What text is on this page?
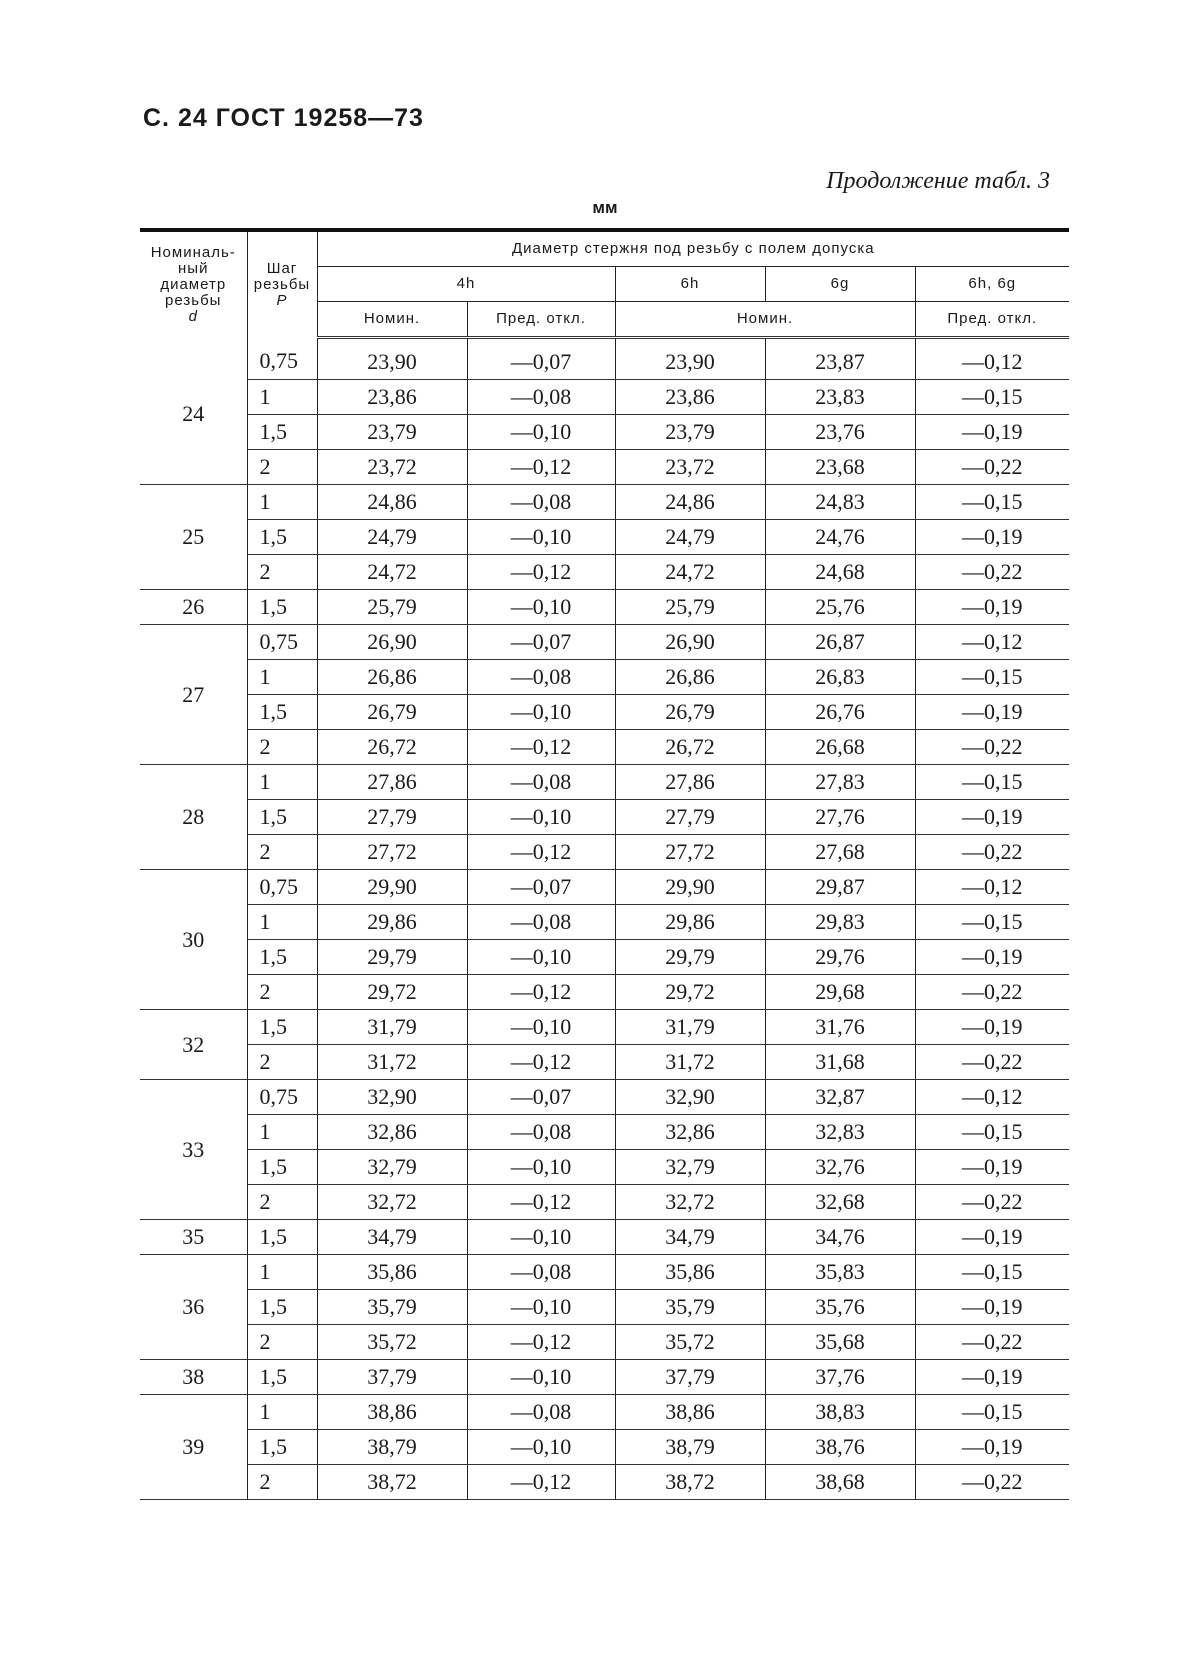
С. 24 ГОСТ 19258—73
Продолжение табл. 3
мм
Номиналь-
ный
диаметр
резьбы
d	Шаг
резьбы
P	Диаметр стержня под резьбу с полем допуска				
		4h		6h	6g	6h, 6g
		Номин.	Пред. откл.	Номин.		Пред. откл.
24	0,75	23,90	—0,07	23,90	23,87	—0,12
	1	23,86	—0,08	23,86	23,83	—0,15
	1,5	23,79	—0,10	23,79	23,76	—0,19
	2	23,72	—0,12	23,72	23,68	—0,22
25	1	24,86	—0,08	24,86	24,83	—0,15
	1,5	24,79	—0,10	24,79	24,76	—0,19
	2	24,72	—0,12	24,72	24,68	—0,22
26	1,5	25,79	—0,10	25,79	25,76	—0,19
27	0,75	26,90	—0,07	26,90	26,87	—0,12
	1	26,86	—0,08	26,86	26,83	—0,15
	1,5	26,79	—0,10	26,79	26,76	—0,19
	2	26,72	—0,12	26,72	26,68	—0,22
28	1	27,86	—0,08	27,86	27,83	—0,15
	1,5	27,79	—0,10	27,79	27,76	—0,19
	2	27,72	—0,12	27,72	27,68	—0,22
30	0,75	29,90	—0,07	29,90	29,87	—0,12
	1	29,86	—0,08	29,86	29,83	—0,15
	1,5	29,79	—0,10	29,79	29,76	—0,19
	2	29,72	—0,12	29,72	29,68	—0,22
32	1,5	31,79	—0,10	31,79	31,76	—0,19
	2	31,72	—0,12	31,72	31,68	—0,22
33	0,75	32,90	—0,07	32,90	32,87	—0,12
	1	32,86	—0,08	32,86	32,83	—0,15
	1,5	32,79	—0,10	32,79	32,76	—0,19
	2	32,72	—0,12	32,72	32,68	—0,22
35	1,5	34,79	—0,10	34,79	34,76	—0,19
36	1	35,86	—0,08	35,86	35,83	—0,15
	1,5	35,79	—0,10	35,79	35,76	—0,19
	2	35,72	—0,12	35,72	35,68	—0,22
38	1,5	37,79	—0,10	37,79	37,76	—0,19
39	1	38,86	—0,08	38,86	38,83	—0,15
	1,5	38,79	—0,10	38,79	38,76	—0,19
	2	38,72	—0,12	38,72	38,68	—0,22
